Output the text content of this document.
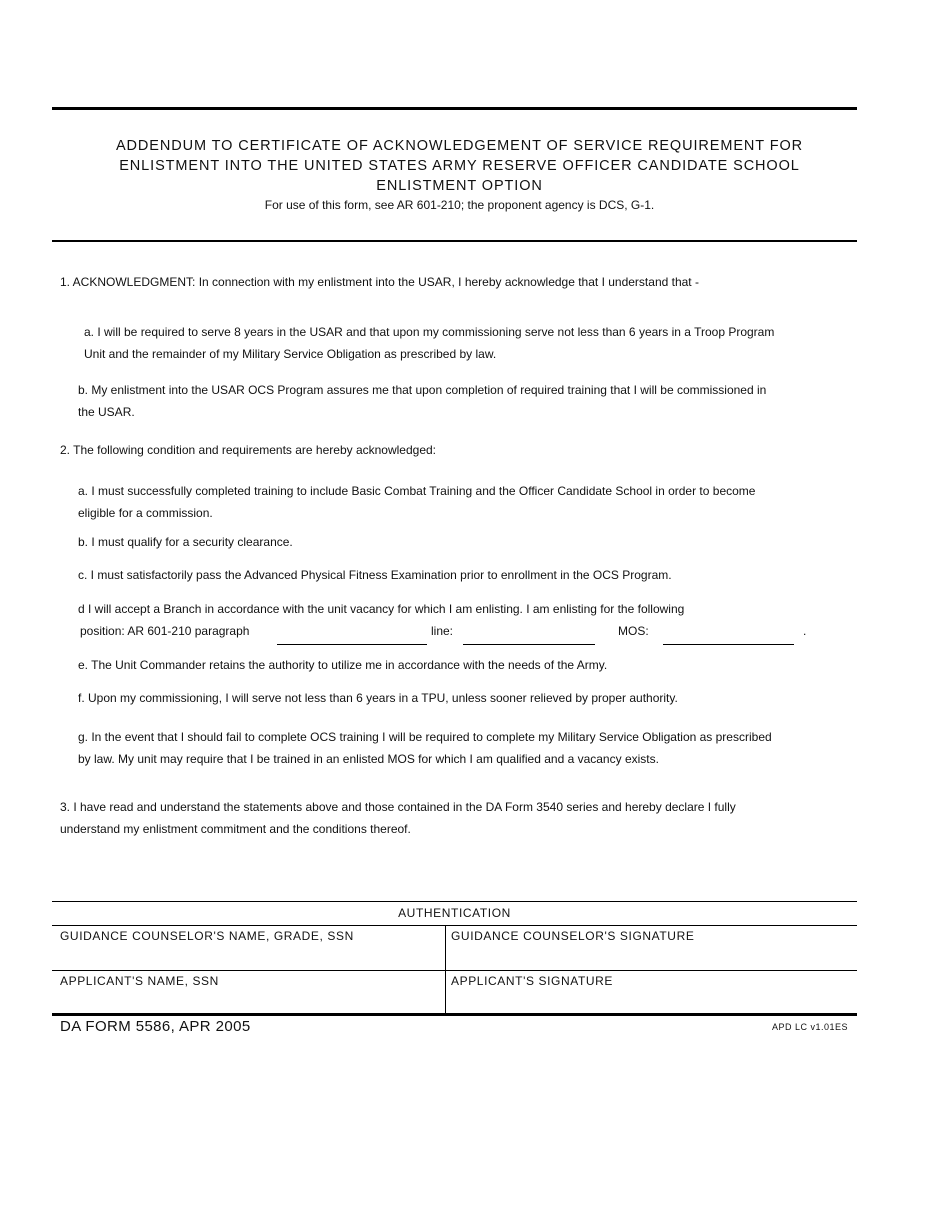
ADDENDUM TO CERTIFICATE OF ACKNOWLEDGEMENT OF SERVICE REQUIREMENT FOR
ENLISTMENT INTO THE UNITED STATES ARMY RESERVE OFFICER CANDIDATE SCHOOL
ENLISTMENT OPTION
For use of this form, see AR 601-210; the proponent agency is DCS, G-1.
1. ACKNOWLEDGMENT: In connection with my enlistment into the USAR, I hereby acknowledge that I understand that -
a. I will be required to serve 8 years in the USAR and that upon my commissioning serve not less than 6 years in a Troop Program
Unit and the remainder of my Military Service Obligation as prescribed by law.
b. My enlistment into the USAR OCS Program assures me that upon completion of required training that I will be commissioned in
the USAR.
2. The following condition and requirements are hereby acknowledged:
a. I must successfully completed training to include Basic Combat Training and the Officer Candidate School in order to become
eligible for a commission.
b. I must qualify for a security clearance.
c. I must satisfactorily pass the Advanced Physical Fitness Examination prior to enrollment in the OCS Program.
d I will accept a Branch in accordance with the unit vacancy for which I am enlisting. I am enlisting for the following
position: AR 601-210 paragraph	line:	MOS:	.
e. The Unit Commander retains the authority to utilize me in accordance with the needs of the Army.
f. Upon my commissioning, I will serve not less than 6 years in a TPU, unless sooner relieved by proper authority.
g. In the event that I should fail to complete OCS training I will be required to complete my Military Service Obligation as prescribed
by law. My unit may require that I be trained in an enlisted MOS for which I am qualified and a vacancy exists.
3. I have read and understand the statements above and those contained in the DA Form 3540 series and hereby declare I fully
understand my enlistment commitment and the conditions thereof.
AUTHENTICATION
GUIDANCE COUNSELOR'S NAME, GRADE, SSN	GUIDANCE COUNSELOR'S SIGNATURE
APPLICANT'S NAME, SSN	APPLICANT'S SIGNATURE
DA FORM 5586, APR 2005	APD LC v1.01ES
